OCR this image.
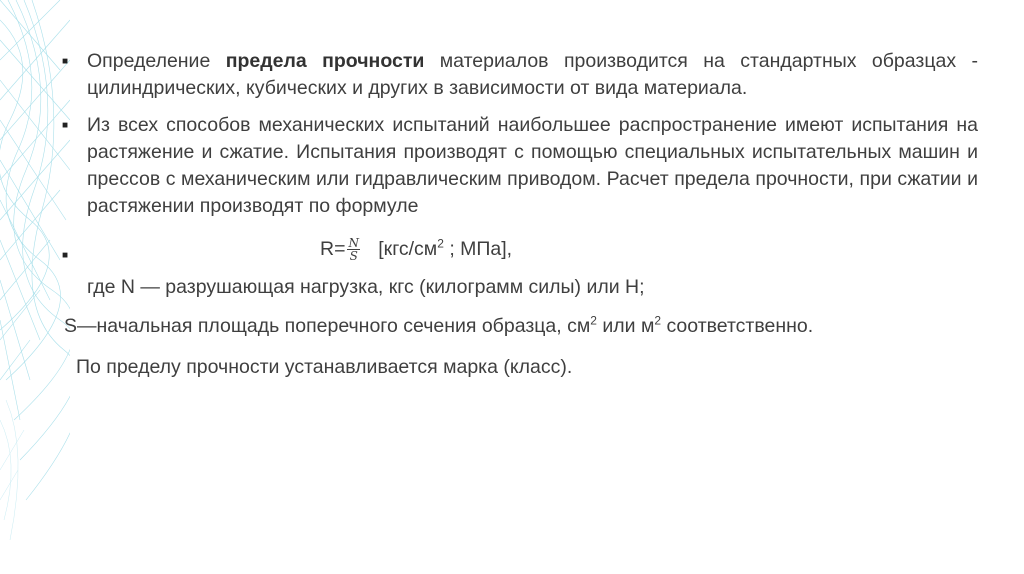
■ Определение предела прочности материалов производится на стандартных образцах - цилиндрических, кубических и других в зависимости от вида материала.
■ Из всех способов механических испытаний наибольшее распространение имеют испытания на растяжение и сжатие. Испытания производят с помощью специальных испытательных машин и прессов с механическим или гидравлическим приводом. Расчет предела прочности, при сжатии и растяжении производят по формуле
■	$R= \frac{N}{S} [кгс/см^2$ ; МПа],
где N — разрушающая нагрузка, кгс (килограмм силы) или Н;
S—начальная площадь поперечного сечения образца, $см^2$ или $м^2$ соответственно.
По пределу прочности устанавливается марка (класс).
